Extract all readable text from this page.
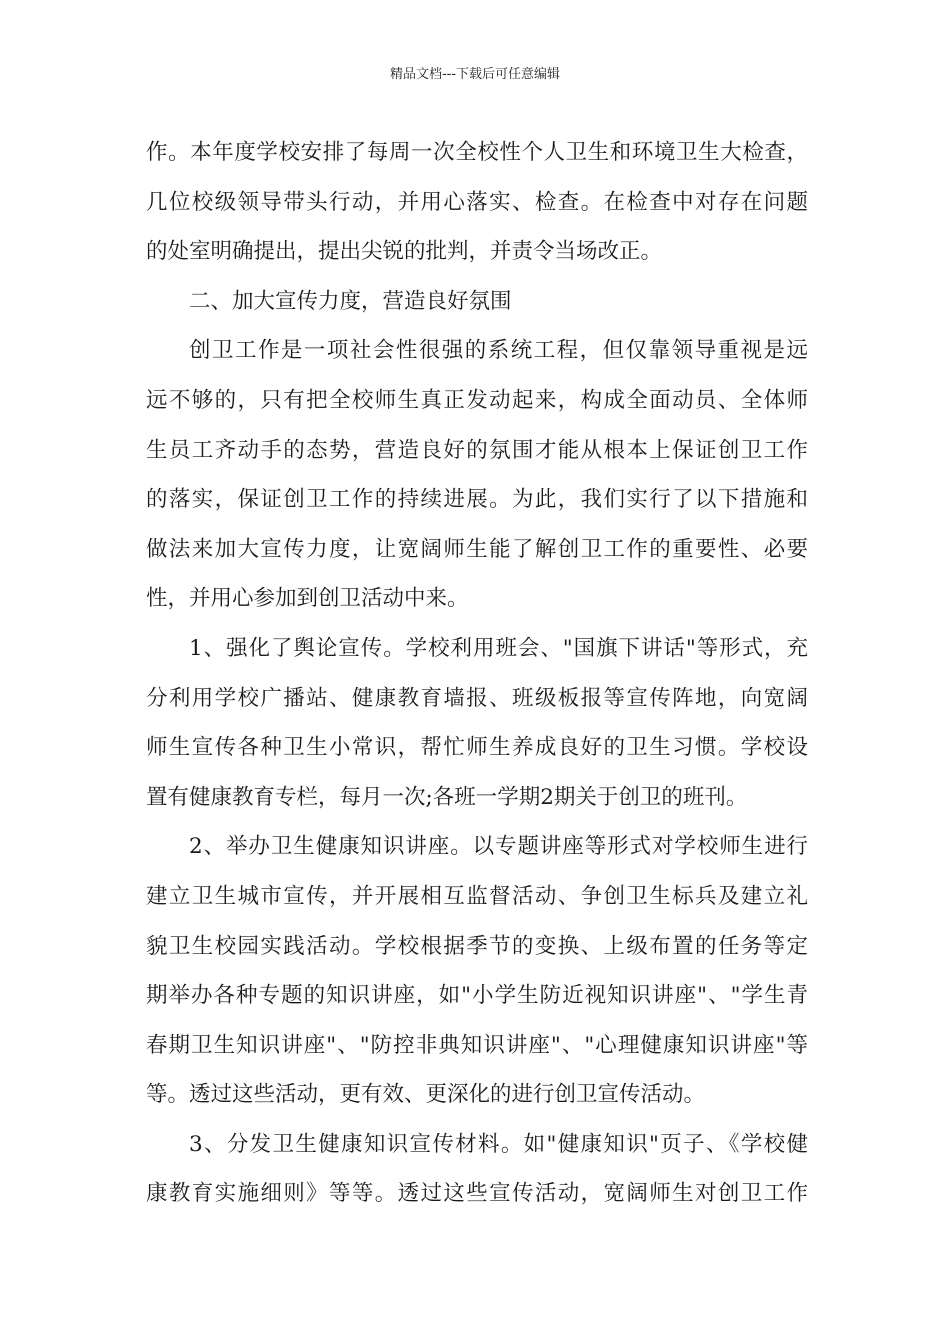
精品文档---下载后可任意编辑
作。本年度学校安排了每周一次全校性个人卫生和环境卫生大检查，
几位校级领导带头行动，并用心落实、检查。在检查中对存在问题
的处室明确提出，提出尖锐的批判，并责令当场改正。
二、加大宣传力度，营造良好氛围
创卫工作是一项社会性很强的系统工程，但仅靠领导重视是远
远不够的，只有把全校师生真正发动起来，构成全面动员、全体师
生员工齐动手的态势，营造良好的氛围才能从根本上保证创卫工作
的落实，保证创卫工作的持续进展。为此，我们实行了以下措施和
做法来加大宣传力度，让宽阔师生能了解创卫工作的重要性、必要
性，并用心参加到创卫活动中来。
1、强化了舆论宣传。学校利用班会、"国旗下讲话"等形式，充
分利用学校广播站、健康教育墙报、班级板报等宣传阵地，向宽阔
师生宣传各种卫生小常识，帮忙师生养成良好的卫生习惯。学校设
置有健康教育专栏，每月一次;各班一学期2期关于创卫的班刊。
2、举办卫生健康知识讲座。以专题讲座等形式对学校师生进行
建立卫生城市宣传，并开展相互监督活动、争创卫生标兵及建立礼
貌卫生校园实践活动。学校根据季节的变换、上级布置的任务等定
期举办各种专题的知识讲座，如"小学生防近视知识讲座"、"学生青
春期卫生知识讲座"、"防控非典知识讲座"、"心理健康知识讲座"等
等。透过这些活动，更有效、更深化的进行创卫宣传活动。
3、分发卫生健康知识宣传材料。如"健康知识"页子、《学校健
康教育实施细则》等等。透过这些宣传活动，宽阔师生对创卫工作
